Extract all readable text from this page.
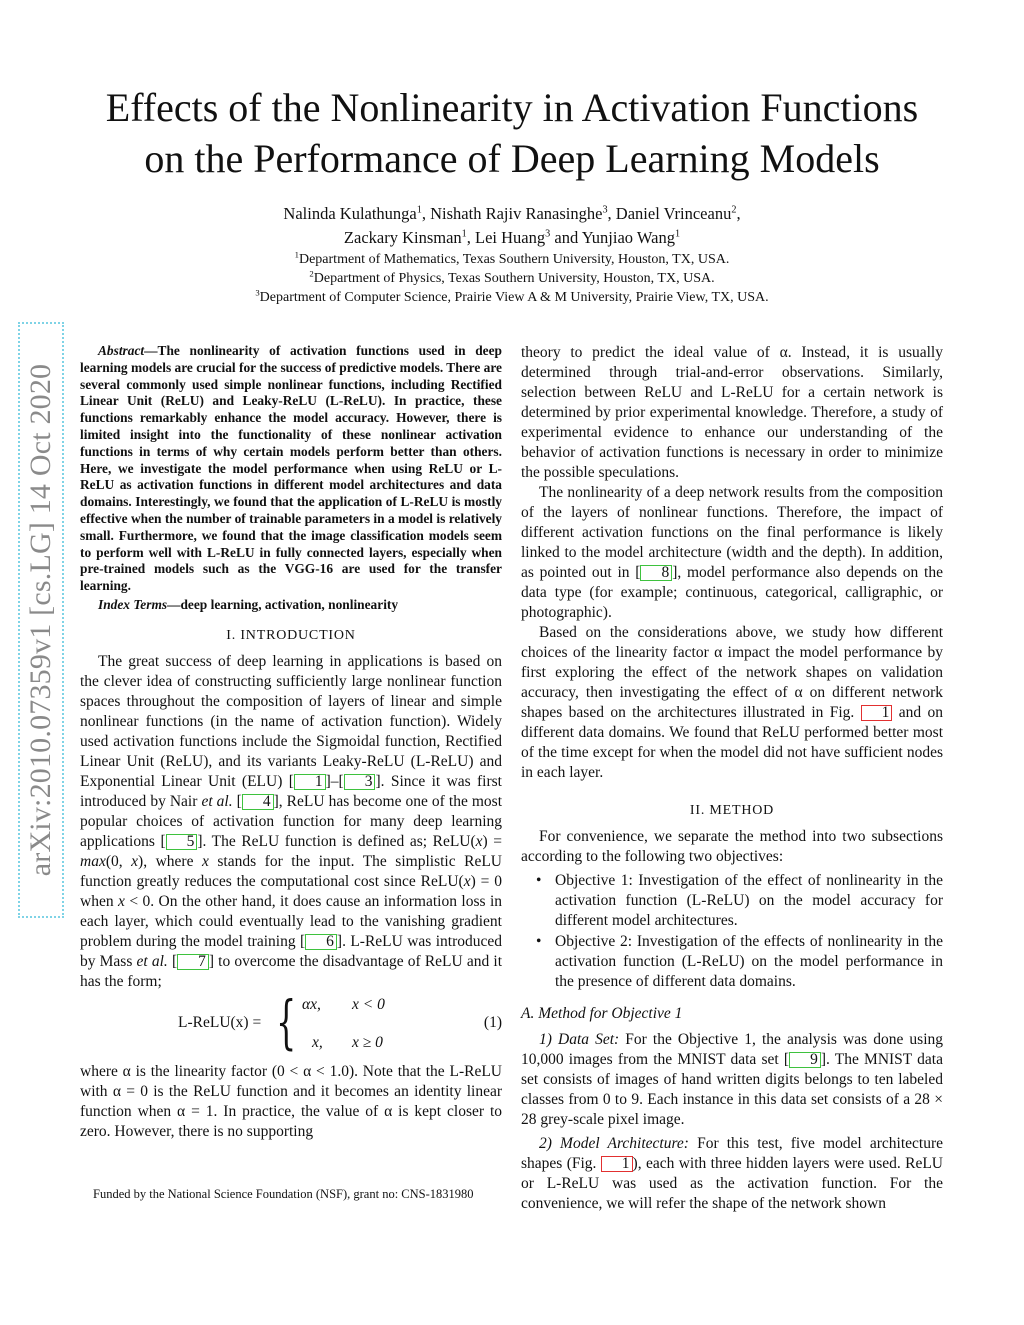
arXiv:2010.07359v1 [cs.LG] 14 Oct 2020
Effects of the Nonlinearity in Activation Functions
on the Performance of Deep Learning Models
Nalinda Kulathunga$^1$, Nishath Rajiv Ranasinghe$^3$, Daniel Vrinceanu$^2$,
Zackary Kinsman$^1$, Lei Huang$^3$ and Yunjiao Wang$^1$
$^1$Department of Mathematics, Texas Southern University, Houston, TX, USA.
$^2$Department of Physics, Texas Southern University, Houston, TX, USA.
$^3$Department of Computer Science, Prairie View A & M University, Prairie View, TX, USA.
Abstract—The nonlinearity of activation functions used in deep learning models are crucial for the success of predictive models. There are several commonly used simple nonlinear functions, including Rectified Linear Unit (ReLU) and Leaky-ReLU (L-ReLU). In practice, these functions remarkably enhance the model accuracy. However, there is limited insight into the functionality of these nonlinear activation functions in terms of why certain models perform better than others. Here, we investigate the model performance when using ReLU or L-ReLU as activation functions in different model architectures and data domains. Interestingly, we found that the application of L-ReLU is mostly effective when the number of trainable parameters in a model is relatively small. Furthermore, we found that the image classification models seem to perform well with L-ReLU in fully connected layers, especially when pre-trained models such as the VGG-16 are used for the transfer learning.
Index Terms—deep learning, activation, nonlinearity
I. INTRODUCTION

The great success of deep learning in applications is based on the clever idea of constructing sufficiently large nonlinear function spaces throughout the composition of layers of linear and simple nonlinear functions (in the name of activation function). Widely used activation functions include the Sigmoidal function, Rectified Linear Unit (ReLU), and its variants Leaky-ReLU (L-ReLU) and Exponential Linear Unit (ELU) [ 1 ]–[ 3 ]. Since it was first introduced by Nair et al. [ 4 ], ReLU has become one of the most popular choices of activation function for many deep learning applications [ 5 ]. The ReLU function is defined as; ReLU(x) = max(0, x), where x stands for the input. The simplistic ReLU function greatly reduces the computational cost since ReLU(x) = 0 when x < 0. On the other hand, it does cause an information loss in each layer, which could eventually lead to the vanishing gradient problem during the model training [ 6 ]. L-ReLU was introduced by Mass et al. [ 7 ] to overcome the disadvantage of ReLU and it has the form;

L-ReLU(x) = { αx, x < 0
x, x ≥ 0
(1)

where α is the linearity factor (0 < α < 1.0). Note that the L-ReLU with α = 0 is the ReLU function and it becomes an identity linear function when α = 1. In practice, the value of α is kept closer to zero. However, there is no supporting

Funded by the National Science Foundation (NSF), grant no: CNS-1831980

theory to predict the ideal value of α. Instead, it is usually determined through trial-and-error observations. Similarly, selection between ReLU and L-ReLU for a certain network is determined by prior experimental knowledge. Therefore, a study of experimental evidence to enhance our understanding of the behavior of activation functions is necessary in order to minimize the possible speculations.

The nonlinearity of a deep network results from the composition of the layers of nonlinear functions. Therefore, the impact of different activation functions on the final performance is likely linked to the model architecture (width and the depth). In addition, as pointed out in [ 8 ], model performance also depends on the data type (for example; continuous, categorical, calligraphic, or photographic).

Based on the considerations above, we study how different choices of the linearity factor α impact the model performance by first exploring the effect of the network shapes on validation accuracy, then investigating the effect of α on different network shapes based on the architectures illustrated in Fig. 1 and on different data domains. We found that ReLU performed better most of the time except for when the model did not have sufficient nodes in each layer.

II. METHOD

For convenience, we separate the method into two subsections according to the following two objectives:

• Objective 1: Investigation of the effect of nonlinearity in the activation function (L-ReLU) on the model accuracy for different model architectures.
• Objective 2: Investigation of the effects of nonlinearity in the activation function (L-ReLU) on the model performance in the presence of different data domains.
A. Method for Objective 1

1) Data Set: For the Objective 1, the analysis was done using 10,000 images from the MNIST data set [ 9 ]. The MNIST data set consists of images of hand written digits belongs to ten labeled classes from 0 to 9. Each instance in this data set consists of a 28 × 28 grey-scale pixel image.

2) Model Architecture: For this test, five model architecture shapes (Fig. 1 ), each with three hidden layers were used. ReLU or L-ReLU was used as the activation function. For the convenience, we will refer the shape of the network shown
